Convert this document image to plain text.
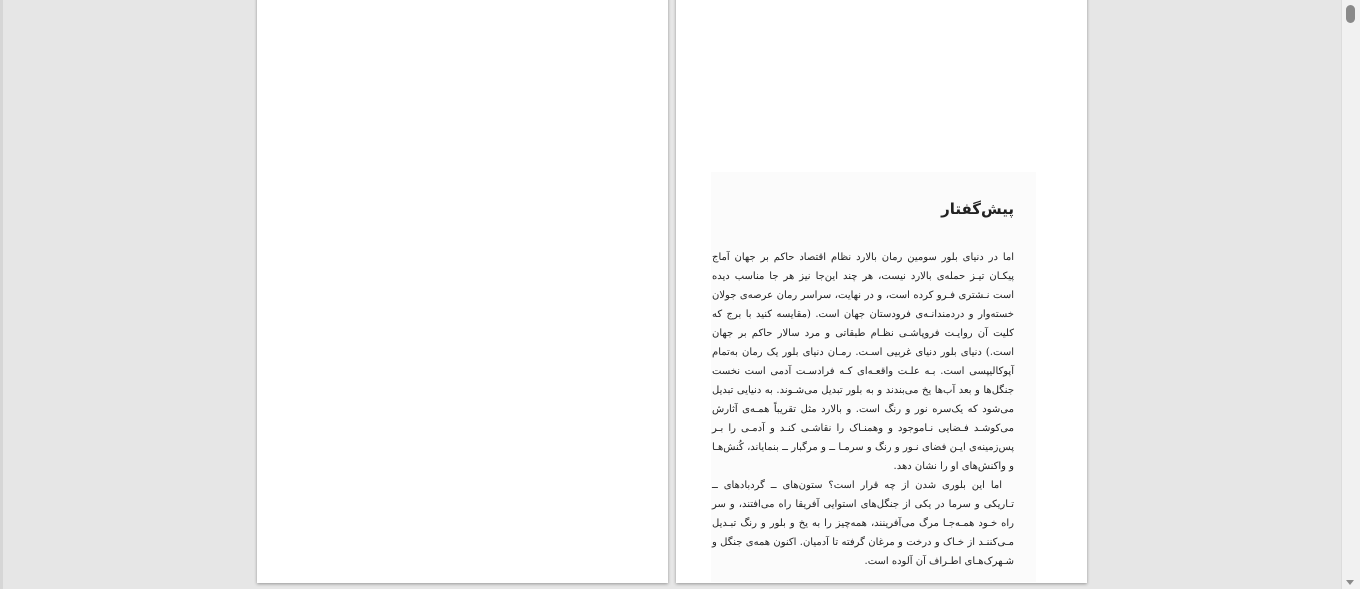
پیش‌گفتار

اما در دنیای بلور سومین رمان بالارد نظام اقتصاد حاکم بر جهان آماج پیکـان تیـز حمله‌ی بالارد نیست، هر چند این‌جا نیز هر جا مناسب دیده است نـشتری فـرو کرده است، و در نهایت، سراسر رمان عرصه‌ی جولان خسته‌وار و دردمندانـه‌ی فرودستان جهان است. (مقایسه کنید با برج که کلیت آن روایـت فروپاشـی نظـام طبقاتی و مرد سالار حاکم بر جهان است.) دنیای بلور دنیای غربیی اسـت. رمـان دنیای بلور یک رمان به‌تمام آپوکالیپسی است. بـه علـت واقعـه‌ای کـه فرادسـت آدمی است نخست جنگل‌ها و بعد آب‌ها یخ می‌بندند و به بلور تبدیل می‌شـوند. به دنیایی تبدیل می‌شود که یک‌سره نور و رنگ است. و بالارد مثل تقریباً همـه‌ی آثارش می‌کوشـد فـضایی نـاموجود و وهمنـاک را نقاشـی کنـد و آدمـی را بـر پس‌زمینه‌ی ایـن فضای نـور و رنگ و سرمـا ــ و مرگبار ــ بنمایاند، کُنش‌هـا و واکنش‌های او را نشان دهد.

اما این بلوری شدن از چه قرار است؟ ستون‌های ــ گردبادهای ــ تـاریکی و سرما در یکی از جنگل‌های استوایی آفریقا راه می‌افتند، و سر راه خـود همـه‌جـا مرگ می‌آفرینند، همه‌چیز را به یخ و بلور و رنگ تبـدیل مـی‌کننـد از خـاک و درخت و مرغان گرفته تا آدمیان. اکنون همه‌ی جنگل و شـهرک‌هـای اطـراف آن آلوده است.
